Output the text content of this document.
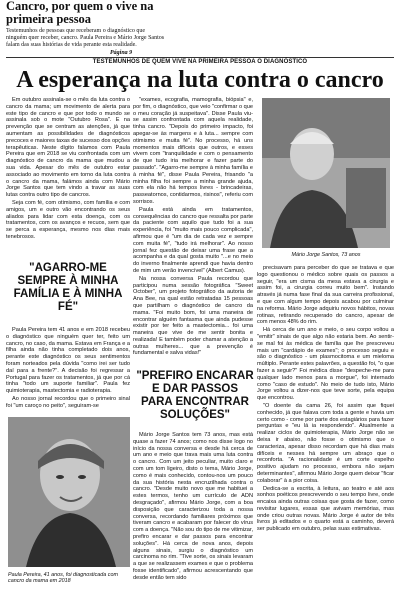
Cancro, por quem o vive na primeira pessoa

Testemunhos de pessoas que receberam o diagnóstico que ninguém quer receber, cancro. Paula Pereira e Mário Jorge Santos falam das suas histórias de vida perante esta realidade.

Página 9
TESTEMUNHOS DE QUEM VIVE NA PRIMEIRA PESSOA O DIAGNÓSTICO
A esperança na luta contra o cancro

Em outubro assinala-se o mês da luta contra o cancro da mama; um movimento de alerta para este tipo de cancro e que por todo o mundo se assinala sob o mote "Outubro Rosa". E na prevenção que se centram as atenções, já que aumentam as possibilidades de diagnósticos precoces e maiores taxas de sucesso dos opções terapêuticas. Neste dígito falamos com Paula Pereira que em 2018 se viu confrontada com um diagnóstico de cancro da mama que mudou a sua vida. Apesar do mês de outubro estar associado ao movimento em torno da luta contra o cancro da mama, falámos ainda com Mário Jorge Santos que tem vindo a travar as suas lutas contra outro tipo de cancros.

Seja com fé, com otimismo, com família e com amigos, um e outro vão encontrando os seus aliados para lidar com esta doença, com os tratamentos, com os avanços e recuos, sem que se perca a esperança, mesmo nos dias mais tenebrosos.

"AGARRO-ME SEMPRE À MINHA FAMÍLIA E À MINHA FÉ"

Paula Pereira tem 41 anos e em 2018 recebeu o diagnóstico que ninguém quer ter, feito um cancro, no caso, da mama. Estava em França e a filha ainda não tinha completado dois anos, perante este diagnóstico os seus sentimentos foram norteados pela dúvida "como irei ser tudo daí para a frente?". A decisão foi regressar a Portugal para fazer os tratamentos, já que por cá tinha "todo um suporte familiar". Paula fez quimioterapia, mastectomia e radioterapia.

Ao nosso jornal recordou que o primeiro sinal foi "um caroço no peito", seguiram-se

Paula Pereira, 41 anos, foi diagnosticada com cancro da mama em 2018

"exames, ecografia, mamografia, biópsia" e, por fim, o diagnóstico, que veio "confirmar o que o meu coração já suspeitava". Disse Paula viu-se assim confrontada com aquela realidade, tinha cancro. "Depois do primeiro impacto, foi apegar-se às margens e à luta... sempre com otimismo e muita fé". No processo, há uns momentos mais difíceis que outros, e esses vivem com "tranquilidade e com o pensamento de que tudo iria melhorar e fazer parte do passado". "Agarro-me sempre à minha família e à minha fé", disse Paula Pereira, frisando "a minha filha foi sempre a minha grande ajuda, com ela não há tempos livres - brincadeiras, passeatornos, contidarmos, risinos", referiu com sorrisos.

Paula está ainda em tratamentos, consequências do cancro que ressalta por parte da paciente com aquilo que tudo foi a sua experiência, foi "muito mais pouco complicada", afirmou que é "um dia de cada vez e sempre com muita fé", "tudo irá melhorar". Ao nosso jornal fez questão de deixar uma frase que a acompanha e da qual gosta muito "...e no meio do inverno finalmente aprendi que havia dentro de mim um verão invencível" (Albert Camus).

Na nossa conversa Paula recordou que participou numa sessão fotográfica "Sweet October", um projeto fotográfico da autoria de Ana Bee, na qual estão retratadas 15 pessoas que partilham o diagnóstico de cancro da mama. "Foi muito bom, foi uma maneira de encontrar alguém fantasma que ainda pudesse existir por ter feito a mastectomia... foi uma maneira que vive de me sentir bonita e realizada! E também poder chamar a atenção a outras mulheres... que a prevenção é fundamental e salva vidas!"

"PREFIRO ENCARAR E DAR PASSOS PARA ENCONTRAR SOLUÇÕES"

Mário Jorge Santos tem 73 anos, mas está quase a fazer 74 anos; como nos disse logo no início da nossa conversa e desde há cerca de um ano e meio que trava mais uma luta contra o cancro. Com um jeito peculiar, muito claro e com um tom ligeiro, disto o tema, Mário Jorge, como é mais conhecido, contou-nos um pouco da sua história nesta encruzilhada contra o cancro. "Desde muito novo que me habituei a estes termos, tenho um currículo de ADN desgraçado", afirmou Mário Jorge, com a boa disposição que caracterizou toda a nossa conversa, recordando familiares próximos que tiveram cancro e acabaram por falecer do vírus com a doença. "Não sou do tipo de me vitimizar, prefiro encarar e dar passos para encontrar soluções". Há cerca de nova anos, depois alguns sinais, surgiu o diagnóstico um carcinoma no rim. "Tive sorte, os sinais levaram a que se realizassem exames e que o problema fosse identificado", afirmou acrescentando que desde então tem sido

Mário Jorge Santos, 73 anos

precisavam para perceber do que se tratava e que logo questionou o médico sobre quais os passos a seguir, "era um cisma da mesa estava a cirurgia e assim foi, a cirurgia correu muito bem". Instando através já numa fase final da sua carreira profissional, e que com algum tempo depois acabou por culminar na reforma. Mário Jorge adquiriu novos hábitos, novas rotinas, retirando recuperado do cancro, apesar de com menos 48% do rim.

Há cerca de um ano e meio, o seu corpo voltou a "emitir" sinais de que algo não estaria bem. Ao sentir-se mal foi às médica de família que lhe prescreveu mais um "cardápio de exames"; o processo seguiu e são o diagnóstico - um plasmocitoma e um mieloma múltiplo. Perante estes palavrões, a questão foi, "o que fazer a seguir?" Foi médica disse "despeche-me para qualquer lado menos para a morgue", foi internado como "caso de estudo". No meio de tudo isto, Mário Jorge voltou a dizer-nos que teve sorte, pela equipa que encontrou.

"O doente da cama 26, foi assim que fiquei conhecido, já que falava com toda a gente e havia um certo como - come por parte dos estagiários para fazer perguntas e "eu lá ia respondendo". Atualmente a realizar ciclos de quimioterapia, Mário Jorge não se deixa ir abaixo, não fosse o otimismo que o caracteriza, apesar disso recordam que há dias mais difíceis e nesses há sempre um abraço que o reconforta. "A racionalidade é um corte espelho positivo ajudam no processo, embora não sejam determinantes", afirmou Mário Jorge quem deixar "ficar colaborar" à a pior coisa.

Dedica-se a escrita, à leitura, ao teatro e até aos sonhos poéticos prescrevendo o seu tempo livre, onde encaixa ainda outras coisas que gosta de fazer, como revisitar lugares, essas que avivam memórias, mas onde criou outras novas. Mário Jorge é autor de três livros já editados e o quarto está a caminho, deverá ser publicado em outubro, pelas suas estimativas.
